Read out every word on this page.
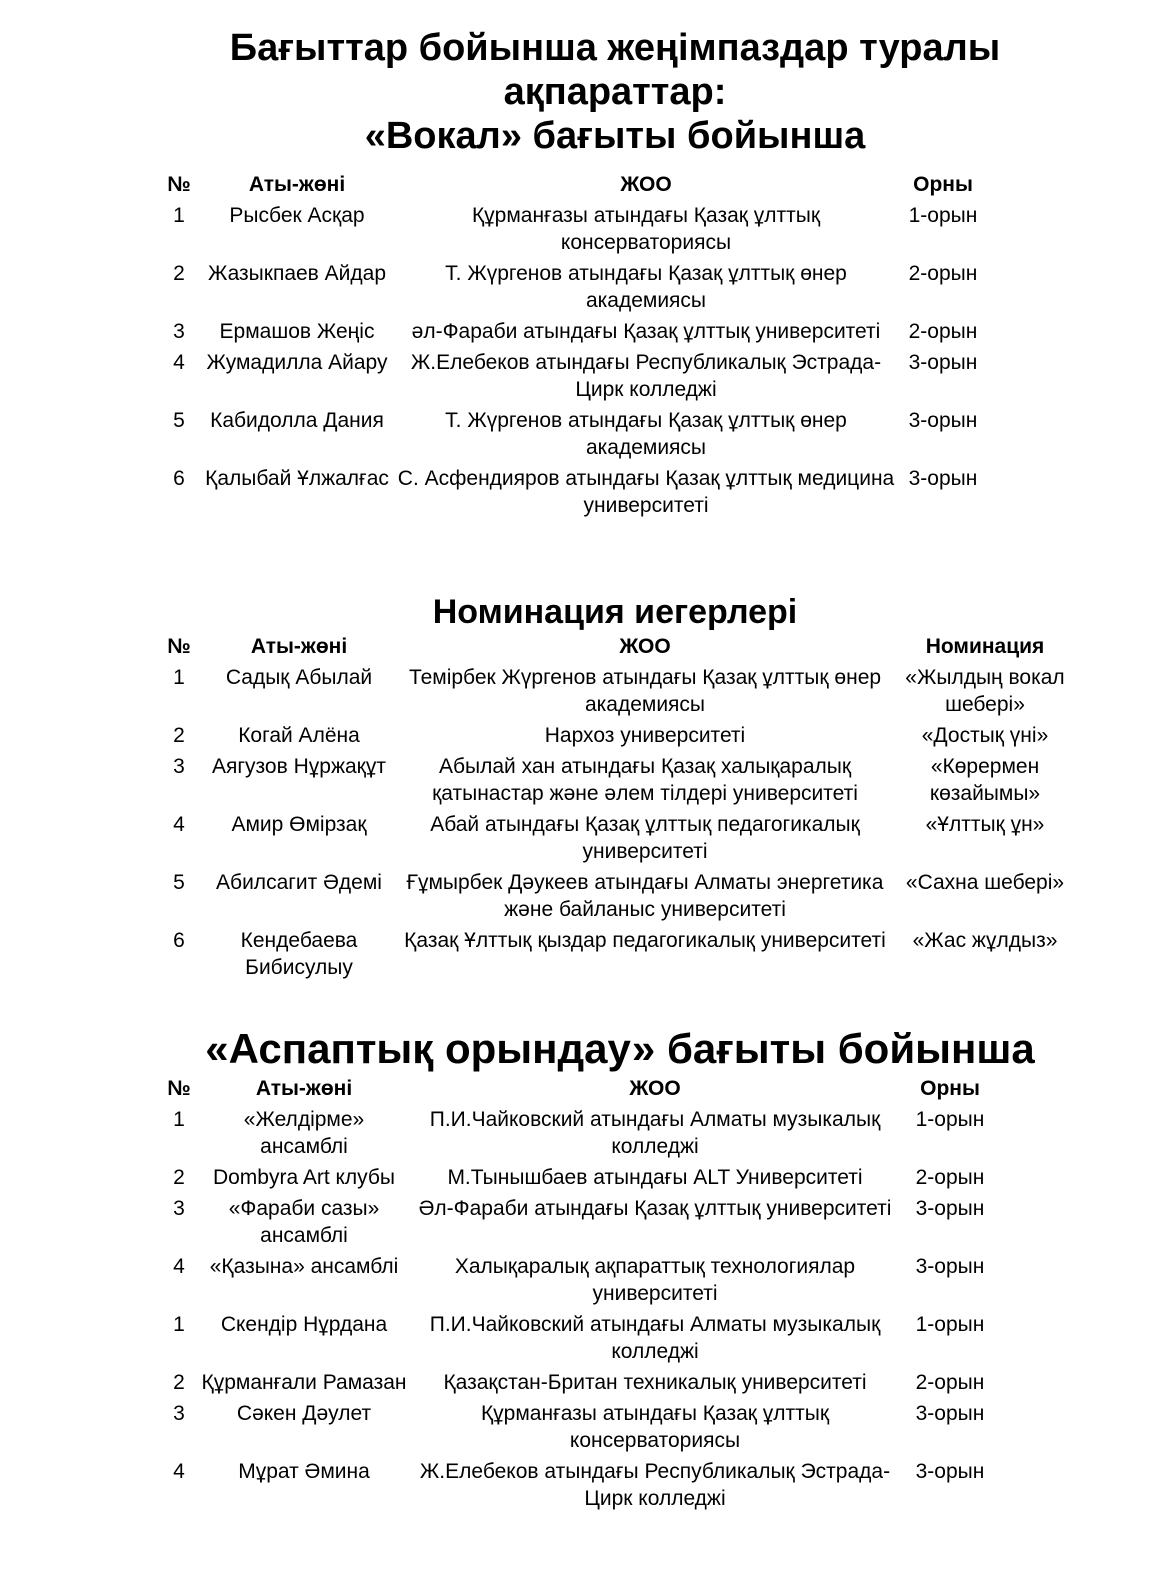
Бағыттар бойынша жеңімпаздар туралы
ақпараттар:
«Вокал» бағыты бойынша
№	Аты-жөні	ЖОО	Орны
1	Рысбек Асқар	Құрманғазы атындағы Қазақ ұлттық консерваториясы	1-орын
2	Жазыкпаев Айдар	Т. Жүргенов атындағы Қазақ ұлттық өнер академиясы	2-орын
3	Ермашов Жеңіс	әл-Фараби атындағы Қазақ ұлттық университеті	2-орын
4	Жумадилла Айару	Ж.Елебеков атындағы Республикалық Эстрада-Цирк колледжі	3-орын
5	Кабидолла Дания	Т. Жүргенов атындағы Қазақ ұлттық өнер академиясы	3-орын
6	Қалыбай Ұлжалғас	С. Асфендияров атындағы Қазақ ұлттық медицина университеті	3-орын
Номинация иегерлері
№	Аты-жөні	ЖОО	Номинация
1	Садық Абылай	Темірбек Жүргенов атындағы Қазақ ұлттық өнер академиясы	«Жылдың вокал шебері»
2	Когай Алёна	Нархоз университеті	«Достық үні»
3	Аягузов Нұржақұт	Абылай хан атындағы Қазақ халықаралық қатынастар және әлем тілдері университеті	«Көрермен көзайымы»
4	Амир Өмірзақ	Абай атындағы Қазақ ұлттық педагогикалық университеті	«Ұлттық ұн»
5	Абилсагит Әдемі	Ғұмырбек Дәукеев атындағы Алматы энергетика және байланыс университеті	«Сахна шебері»
6	Кендебаева Бибисулыу	Қазақ Ұлттық қыздар педагогикалық университеті	«Жас жұлдыз»
«Аспаптық орындау» бағыты бойынша
№	Аты-жөні	ЖОО	Орны
1	«Желдірме» ансамблі	П.И.Чайковский атындағы Алматы музыкалық колледжі	1-орын
2	Dombyra Art клубы	М.Тынышбаев атындағы ALT Университеті	2-орын
3	«Фараби сазы» ансамблі	Әл-Фараби атындағы Қазақ ұлттық университеті	3-орын
4	«Қазына» ансамблі	Халықаралық ақпараттық технологиялар университеті	3-орын
1	Скендір Нұрдана	П.И.Чайковский атындағы Алматы музыкалық колледжі	1-орын
2	Құрманғали Рамазан	Қазақстан-Британ техникалық университеті	2-орын
3	Сәкен Дәулет	Құрманғазы атындағы Қазақ ұлттық консерваториясы	3-орын
4	Мұрат Әмина	Ж.Елебеков атындағы Республикалық Эстрада-Цирк колледжі	3-орын
